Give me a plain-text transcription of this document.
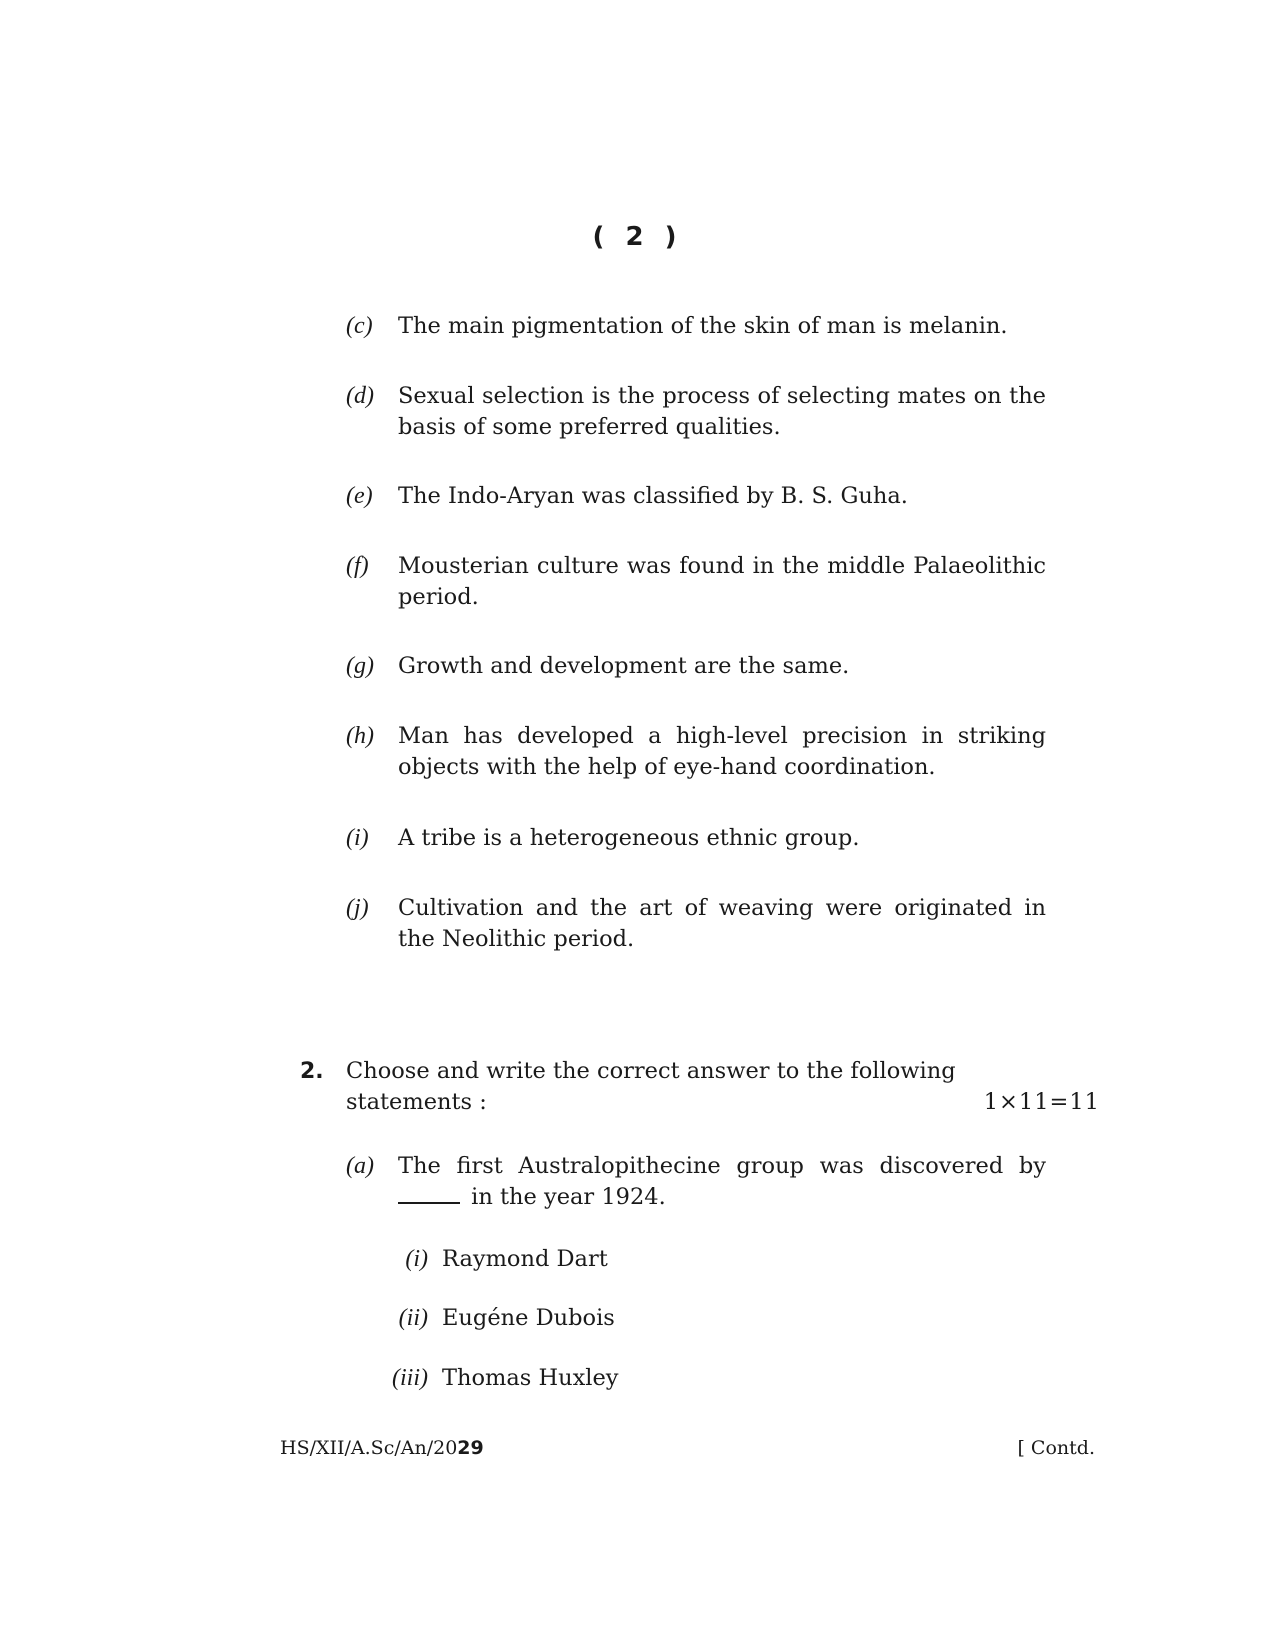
( 2 )
(c) The main pigmentation of the skin of man is melanin.
(d) Sexual selection is the process of selecting mates on the basis of some preferred qualities.
(e) The Indo-Aryan was classified by B. S. Guha.
(f) Mousterian culture was found in the middle Palaeolithic period.
(g) Growth and development are the same.
(h) Man has developed a high-level precision in striking objects with the help of eye-hand coordination.
(i) A tribe is a heterogeneous ethnic group.
(j) Cultivation and the art of weaving were originated in the Neolithic period.
2. Choose and write the correct answer to the following statements :	1×11=11
(a) The first Australopithecine group was discovered by  in the year 1924.
(i) Raymond Dart
(ii) Eugéne Dubois
(iii) Thomas Huxley
HS/XII/A.Sc/An/2029	[ Contd.
